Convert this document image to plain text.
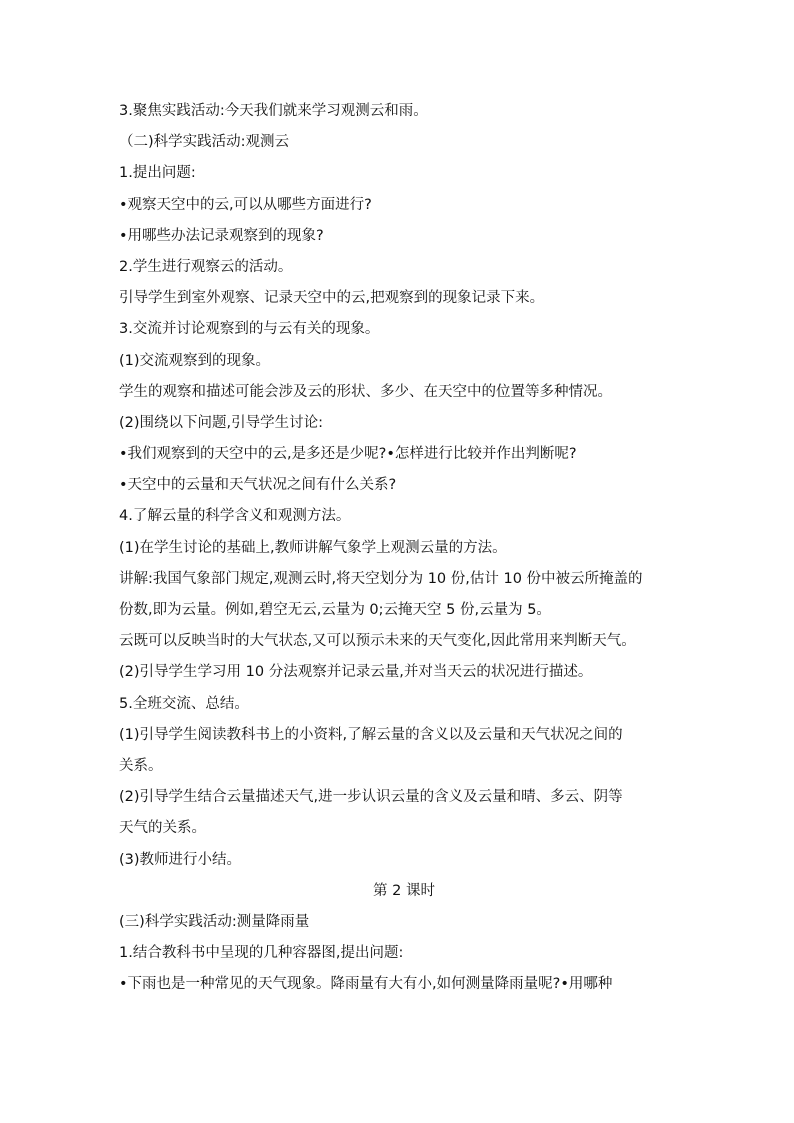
3.聚焦实践活动:今天我们就来学习观测云和雨。
（二)科学实践活动:观测云
1.提出问题:
•观察天空中的云,可以从哪些方面进行?
•用哪些办法记录观察到的现象?
2.学生进行观察云的活动。
引导学生到室外观察、记录天空中的云,把观察到的现象记录下来。
3.交流并讨论观察到的与云有关的现象。
(1)交流观察到的现象。
学生的观察和描述可能会涉及云的形状、多少、在天空中的位置等多种情况。
(2)围绕以下问题,引导学生讨论:
•我们观察到的天空中的云,是多还是少呢?•怎样进行比较并作出判断呢?
•天空中的云量和天气状况之间有什么关系?
4.了解云量的科学含义和观测方法。
(1)在学生讨论的基础上,教师讲解气象学上观测云量的方法。
讲解:我国气象部门规定,观测云时,将天空划分为 10 份,估计 10 份中被云所掩盖的
份数,即为云量。例如,碧空无云,云量为 0;云掩天空 5 份,云量为 5。
云既可以反映当时的大气状态,又可以预示未来的天气变化,因此常用来判断天气。
(2)引导学生学习用 10 分法观察并记录云量,并对当天云的状况进行描述。
5.全班交流、总结。
(1)引导学生阅读教科书上的小资料,了解云量的含义以及云量和天气状况之间的
关系。
(2)引导学生结合云量描述天气,进一步认识云量的含义及云量和晴、多云、阴等
天气的关系。
(3)教师进行小结。
第 2 课时
(三)科学实践活动:测量降雨量
1.结合教科书中呈现的几种容器图,提出问题:
•下雨也是一种常见的天气现象。降雨量有大有小,如何测量降雨量呢?•用哪种
